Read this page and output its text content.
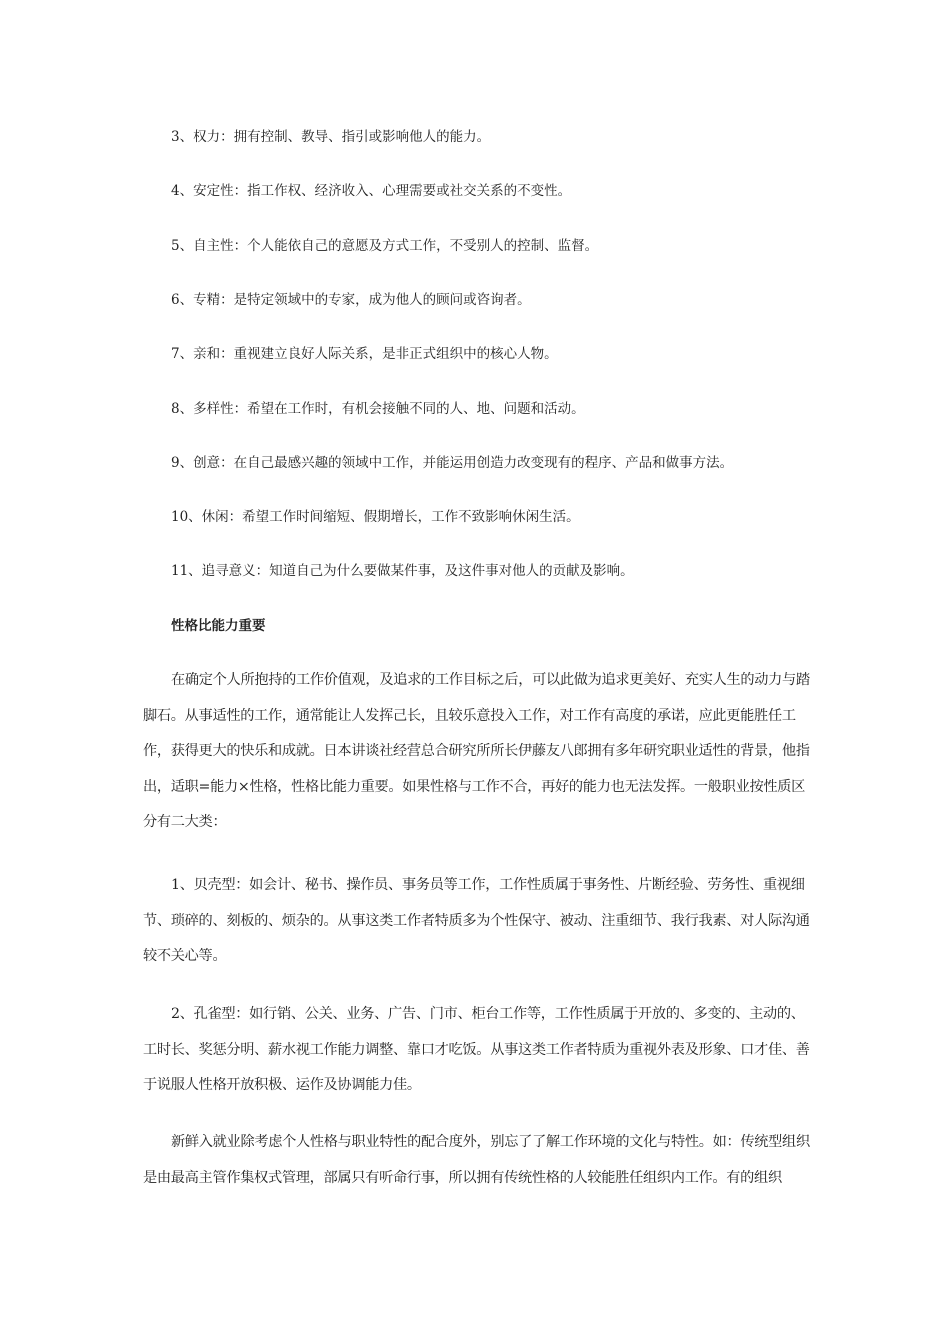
3、权力：拥有控制、教导、指引或影响他人的能力。

4、安定性：指工作权、经济收入、心理需要或社交关系的不变性。

5、自主性：个人能依自己的意愿及方式工作，不受别人的控制、监督。

6、专精：是特定领域中的专家，成为他人的顾问或咨询者。

7、亲和：重视建立良好人际关系，是非正式组织中的核心人物。

8、多样性：希望在工作时，有机会接触不同的人、地、问题和活动。

9、创意：在自己最感兴趣的领域中工作，并能运用创造力改变现有的程序、产品和做事方法。

10、休闲：希望工作时间缩短、假期增长，工作不致影响休闲生活。

11、追寻意义：知道自己为什么要做某件事，及这件事对他人的贡献及影响。

性格比能力重要

在确定个人所抱持的工作价值观，及追求的工作目标之后，可以此做为追求更美好、充实人生的动力与踏脚石。从事适性的工作，通常能让人发挥己长，且较乐意投入工作，对工作有高度的承诺，应此更能胜任工作，获得更大的快乐和成就。日本讲谈社经营总合研究所所长伊藤友八郎拥有多年研究职业适性的背景，他指出，适职=能力×性格，性格比能力重要。如果性格与工作不合，再好的能力也无法发挥。一般职业按性质区分有二大类：

1、贝壳型：如会计、秘书、操作员、事务员等工作，工作性质属于事务性、片断经验、劳务性、重视细节、琐碎的、刻板的、烦杂的。从事这类工作者特质多为个性保守、被动、注重细节、我行我素、对人际沟通较不关心等。

2、孔雀型：如行销、公关、业务、广告、门市、柜台工作等，工作性质属于开放的、多变的、主动的、工时长、奖惩分明、薪水视工作能力调整、靠口才吃饭。从事这类工作者特质为重视外表及形象、口才佳、善于说服人性格开放积极、运作及协调能力佳。

新鲜入就业除考虑个人性格与职业特性的配合度外，别忘了了解工作环境的文化与特性。如：传统型组织是由最高主管作集权式管理，部属只有听命行事，所以拥有传统性格的人较能胜任组织内工作。有的组织
